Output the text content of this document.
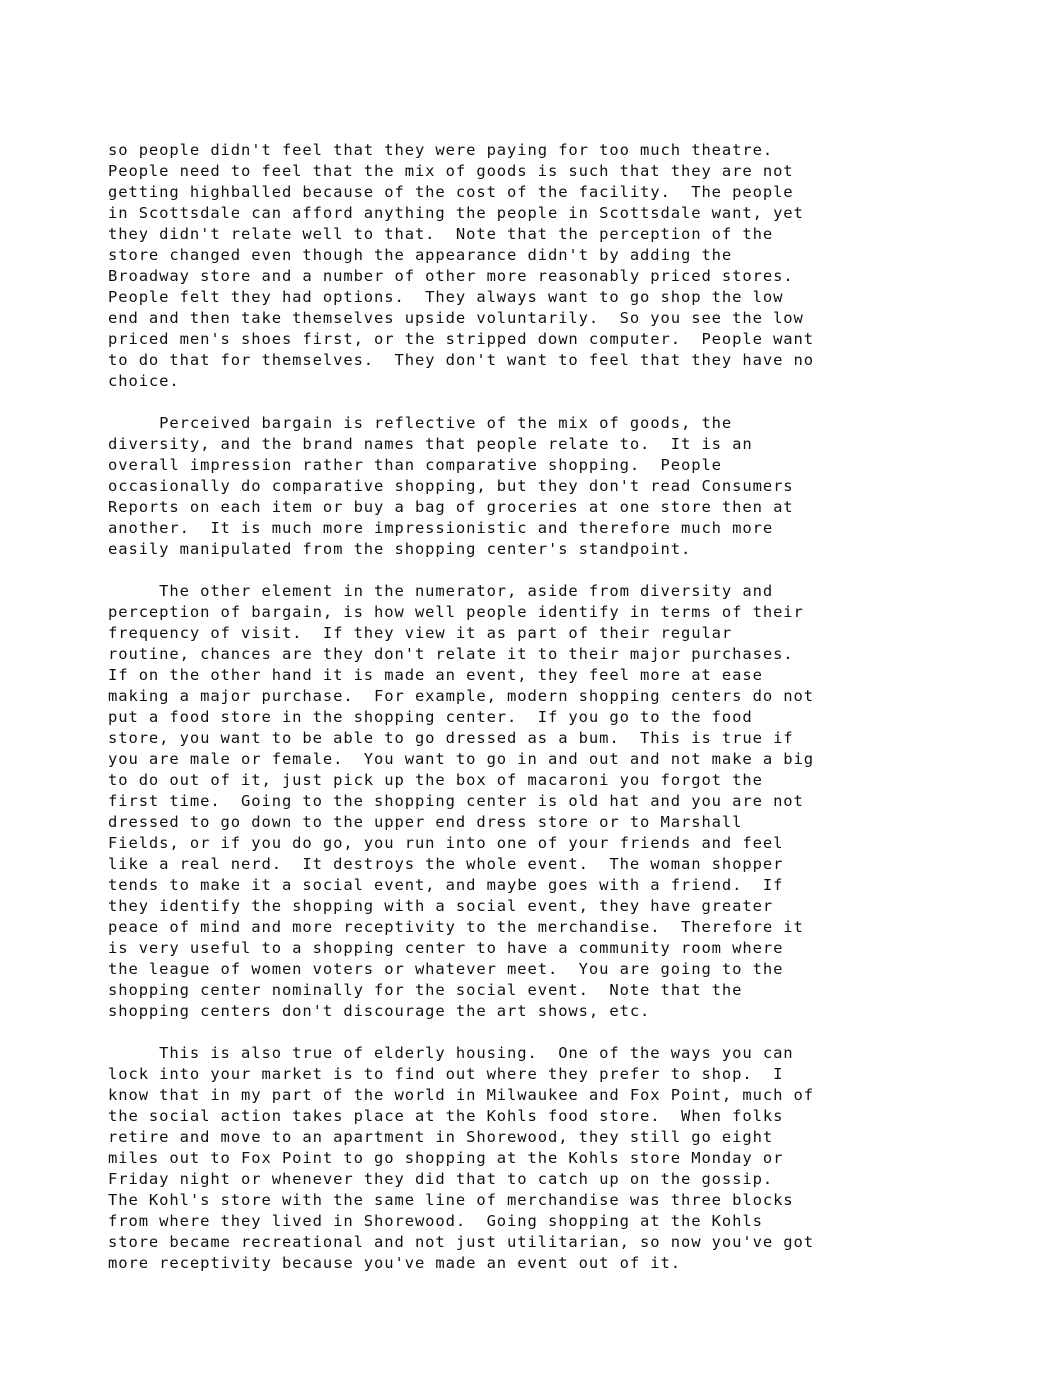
so people didn't feel that they were paying for too much theatre.
People need to feel that the mix of goods is such that they are not
getting highballed because of the cost of the facility.  The people
in Scottsdale can afford anything the people in Scottsdale want, yet
they didn't relate well to that.  Note that the perception of the
store changed even though the appearance didn't by adding the
Broadway store and a number of other more reasonably priced stores.
People felt they had options.  They always want to go shop the low
end and then take themselves upside voluntarily.  So you see the low
priced men's shoes first, or the stripped down computer.  People want
to do that for themselves.  They don't want to feel that they have no
choice.
Perceived bargain is reflective of the mix of goods, the
diversity, and the brand names that people relate to.  It is an
overall impression rather than comparative shopping.  People
occasionally do comparative shopping, but they don't read Consumers
Reports on each item or buy a bag of groceries at one store then at
another.  It is much more impressionistic and therefore much more
easily manipulated from the shopping center's standpoint.
The other element in the numerator, aside from diversity and
perception of bargain, is how well people identify in terms of their
frequency of visit.  If they view it as part of their regular
routine, chances are they don't relate it to their major purchases.
If on the other hand it is made an event, they feel more at ease
making a major purchase.  For example, modern shopping centers do not
put a food store in the shopping center.  If you go to the food
store, you want to be able to go dressed as a bum.  This is true if
you are male or female.  You want to go in and out and not make a big
to do out of it, just pick up the box of macaroni you forgot the
first time.  Going to the shopping center is old hat and you are not
dressed to go down to the upper end dress store or to Marshall
Fields, or if you do go, you run into one of your friends and feel
like a real nerd.  It destroys the whole event.  The woman shopper
tends to make it a social event, and maybe goes with a friend.  If
they identify the shopping with a social event, they have greater
peace of mind and more receptivity to the merchandise.  Therefore it
is very useful to a shopping center to have a community room where
the league of women voters or whatever meet.  You are going to the
shopping center nominally for the social event.  Note that the
shopping centers don't discourage the art shows, etc.
This is also true of elderly housing.  One of the ways you can
lock into your market is to find out where they prefer to shop.  I
know that in my part of the world in Milwaukee and Fox Point, much of
the social action takes place at the Kohls food store.  When folks
retire and move to an apartment in Shorewood, they still go eight
miles out to Fox Point to go shopping at the Kohls store Monday or
Friday night or whenever they did that to catch up on the gossip.
The Kohl's store with the same line of merchandise was three blocks
from where they lived in Shorewood.  Going shopping at the Kohls
store became recreational and not just utilitarian, so now you've got
more receptivity because you've made an event out of it.
